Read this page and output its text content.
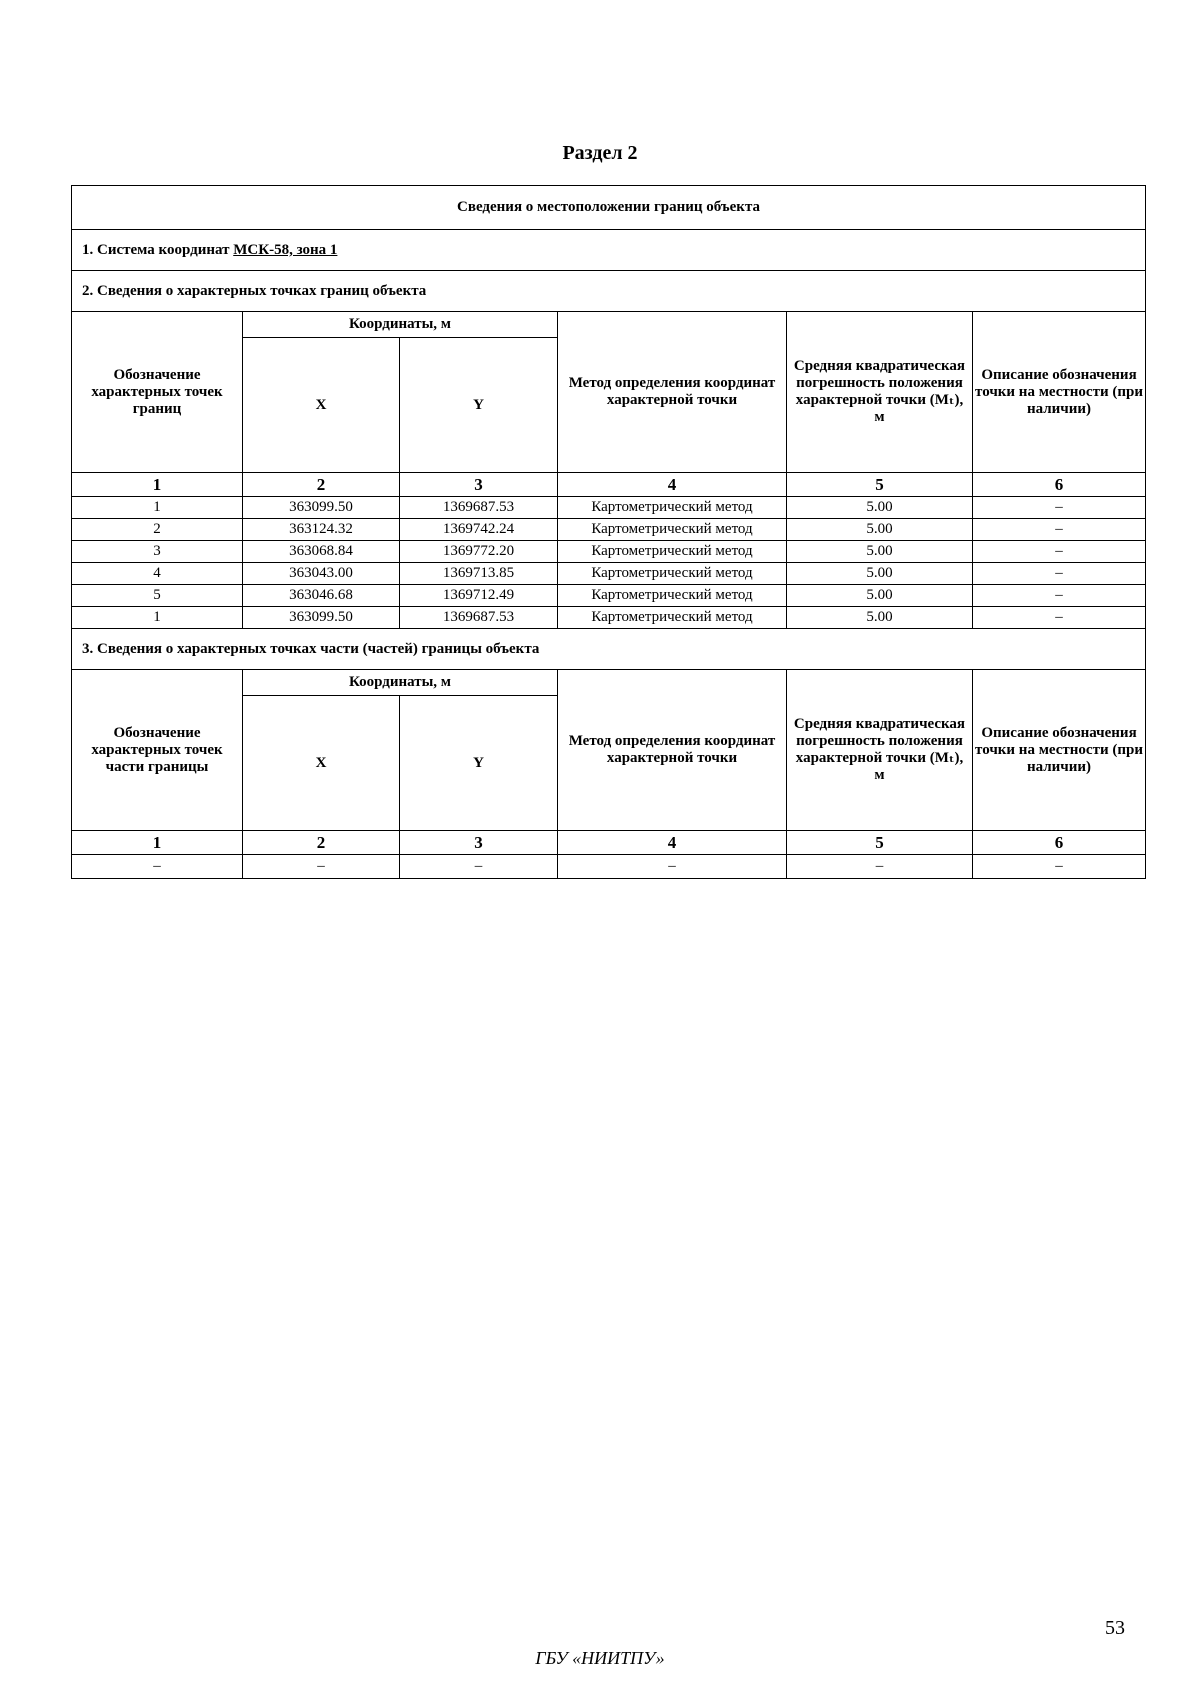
Раздел 2
Сведения о местоположении границ объекта					
1. Система координат МСК-58, зона 1					
2. Сведения о характерных точках границ объекта					
Обозначение характерных точек границ	Координаты, м		Метод определения координат характерной точки	Средняя квадратическая погрешность положения характерной точки (Mₜ), м	Описание обозначения точки на местности (при наличии)
	X	Y			
1	2	3	4	5	6
1	363099.50	1369687.53	Картометрический метод	5.00	–
2	363124.32	1369742.24	Картометрический метод	5.00	–
3	363068.84	1369772.20	Картометрический метод	5.00	–
4	363043.00	1369713.85	Картометрический метод	5.00	–
5	363046.68	1369712.49	Картометрический метод	5.00	–
1	363099.50	1369687.53	Картометрический метод	5.00	–
3. Сведения о характерных точках части (частей) границы объекта					
Обозначение характерных точек части границы	Координаты, м		Метод определения координат характерной точки	Средняя квадратическая погрешность положения характерной точки (Mₜ), м	Описание обозначения точки на местности (при наличии)
	X	Y			
1	2	3	4	5	6
–	–	–	–	–	–
53
ГБУ «НИИТПУ»
